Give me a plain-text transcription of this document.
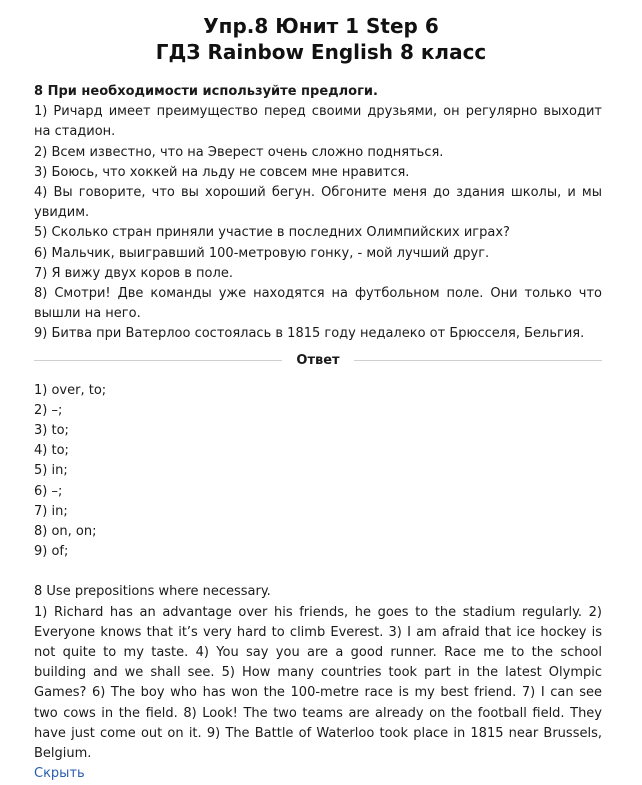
Упр.8 Юнит 1 Step 6
ГДЗ Rainbow English 8 класс
8 При необходимости используйте предлоги.
1) Ричард имеет преимущество перед своими друзьями, он регулярно выходит на стадион.
2) Всем известно, что на Эверест очень сложно подняться.
3) Боюсь, что хоккей на льду не совсем мне нравится.
4) Вы говорите, что вы хороший бегун. Обгоните меня до здания школы, и мы увидим.
5) Сколько стран приняли участие в последних Олимпийских играх?
6) Мальчик, выигравший 100-метровую гонку, - мой лучший друг.
7) Я вижу двух коров в поле.
8) Смотри! Две команды уже находятся на футбольном поле. Они только что вышли на него.
9) Битва при Ватерлоо состоялась в 1815 году недалеко от Брюсселя, Бельгия.
Ответ
1) over, to;
2) –;
3) to;
4) to;
5) in;
6) –;
7) in;
8) on, on;
9) of;
8 Use prepositions where necessary.
1) Richard has an advantage over his friends, he goes to the stadium regularly. 2) Everyone knows that it’s very hard to climb Everest. 3) I am afraid that ice hockey is not quite to my taste. 4) You say you are a good runner. Race me to the school building and we shall see. 5) How many countries took part in the latest Olympic Games? 6) The boy who has won the 100-metre race is my best friend. 7) I can see two cows in the field. 8) Look! The two teams are already on the football field. They have just come out on it. 9) The Battle of Waterloo took place in 1815 near Brussels, Belgium.
Скрыть
